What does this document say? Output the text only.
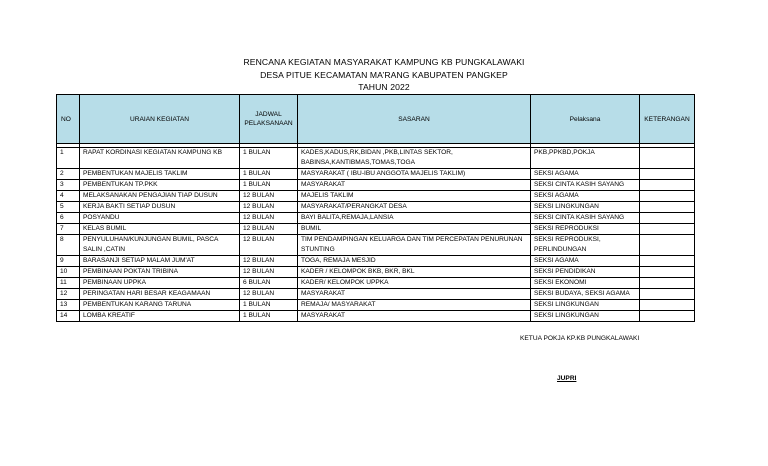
RENCANA KEGIATAN MASYARAKAT KAMPUNG KB PUNGKALAWAKI
DESA PITUE KECAMATAN MA’RANG KABUPATEN PANGKEP
TAHUN 2022
NO	URAIAN KEGIATAN	JADWAL PELAKSANAAN	SASARAN	Pelaksana	KETERANGAN

1	RAPAT KORDINASI KEGIATAN KAMPUNG KB	1 BULAN	KADES,KADUS,RK,BIDAN ,PKB,LINTAS SEKTOR, BABINSA,KANTIBMAS,TOMAS,TOGA	PKB,PPKBD,POKJA	
2	PEMBENTUKAN MAJELIS TAKLIM	1 BULAN	MASYARAKAT ( IBU-IBU ANGGOTA MAJELIS TAKLIM)	SEKSI AGAMA	
3	PEMBENTUKAN TP.PKK	1 BULAN	MASYARAKAT	SEKSI CINTA KASIH SAYANG	
4	MELAKSANAKAN PENGAJIAN TIAP DUSUN	12 BULAN	MAJELIS TAKLIM	SEKSI AGAMA	
5	KERJA BAKTI SETIAP DUSUN	12 BULAN	MASYARAKAT/PERANGKAT DESA	SEKSI LINGKUNGAN	
6	POSYANDU	12 BULAN	BAYI BALITA,REMAJA,LANSIA	SEKSI CINTA KASIH SAYANG	
7	KELAS BUMIL	12 BULAN	BUMIL	SEKSI REPRODUKSI	
8	PENYULUHAN/KUNJUNGAN BUMIL, PASCA SALIN ,CATIN	12 BULAN	TIM PENDAMPINGAN KELUARGA DAN TIM PERCEPATAN PENURUNAN STUNTING	SEKSI REPRODUKSI, PERLINDUNGAN	
9	BARASANJI SETIAP MALAM JUM'AT	12 BULAN	TOGA, REMAJA MESJID	SEKSI AGAMA	
10	PEMBINAAN POKTAN TRIBINA	12 BULAN	KADER / KELOMPOK BKB, BKR, BKL	SEKSI PENDIDIKAN	
11	PEMBINAAN UPPKA	6 BULAN	KADER/ KELOMPOK UPPKA	SEKSI EKONOMI	
12	PERINGATAN HARI BESAR KEAGAMAAN	12 BULAN	MASYARAKAT	SEKSI BUDAYA, SEKSI AGAMA	
13	PEMBENTUKAN KARANG TARUNA	1 BULAN	REMAJA/ MASYARAKAT	SEKSI LINGKUNGAN	
14	LOMBA KREATIF	1 BULAN	MASYARAKAT	SEKSI LINGKUNGAN	
KETUA POKJA KP.KB PUNGKALAWAKI
JUPRI
